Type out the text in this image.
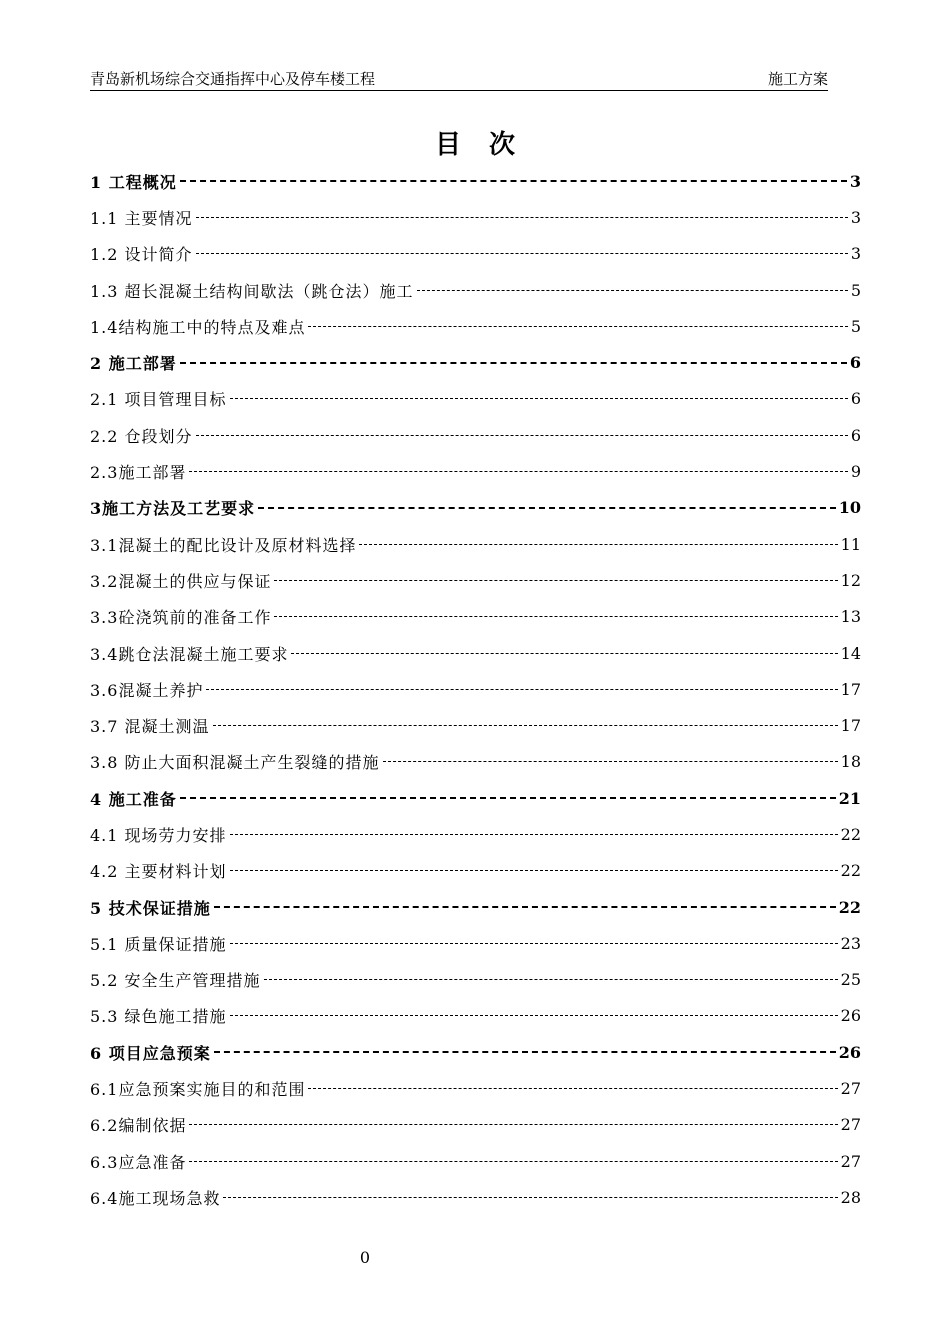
青岛新机场综合交通指挥中心及停车楼工程	施工方案
目次
1 工程概况	3
1.1 主要情况	3
1.2 设计简介	3
1.3 超长混凝土结构间歇法（跳仓法）施工	5
1.4结构施工中的特点及难点	5
2 施工部署	6
2.1 项目管理目标	6
2.2 仓段划分	6
2.3施工部署	9
3施工方法及工艺要求	10
3.1混凝土的配比设计及原材料选择	11
3.2混凝土的供应与保证	12
3.3砼浇筑前的准备工作	13
3.4跳仓法混凝土施工要求	14
3.6混凝土养护	17
3.7 混凝土测温	17
3.8 防止大面积混凝土产生裂缝的措施	18
4 施工准备	21
4.1 现场劳力安排	22
4.2 主要材料计划	22
5 技术保证措施	22
5.1 质量保证措施	23
5.2 安全生产管理措施	25
5.3 绿色施工措施	26
6 项目应急预案	26
6.1应急预案实施目的和范围	27
6.2编制依据	27
6.3应急准备	27
6.4施工现场急救	28
0
